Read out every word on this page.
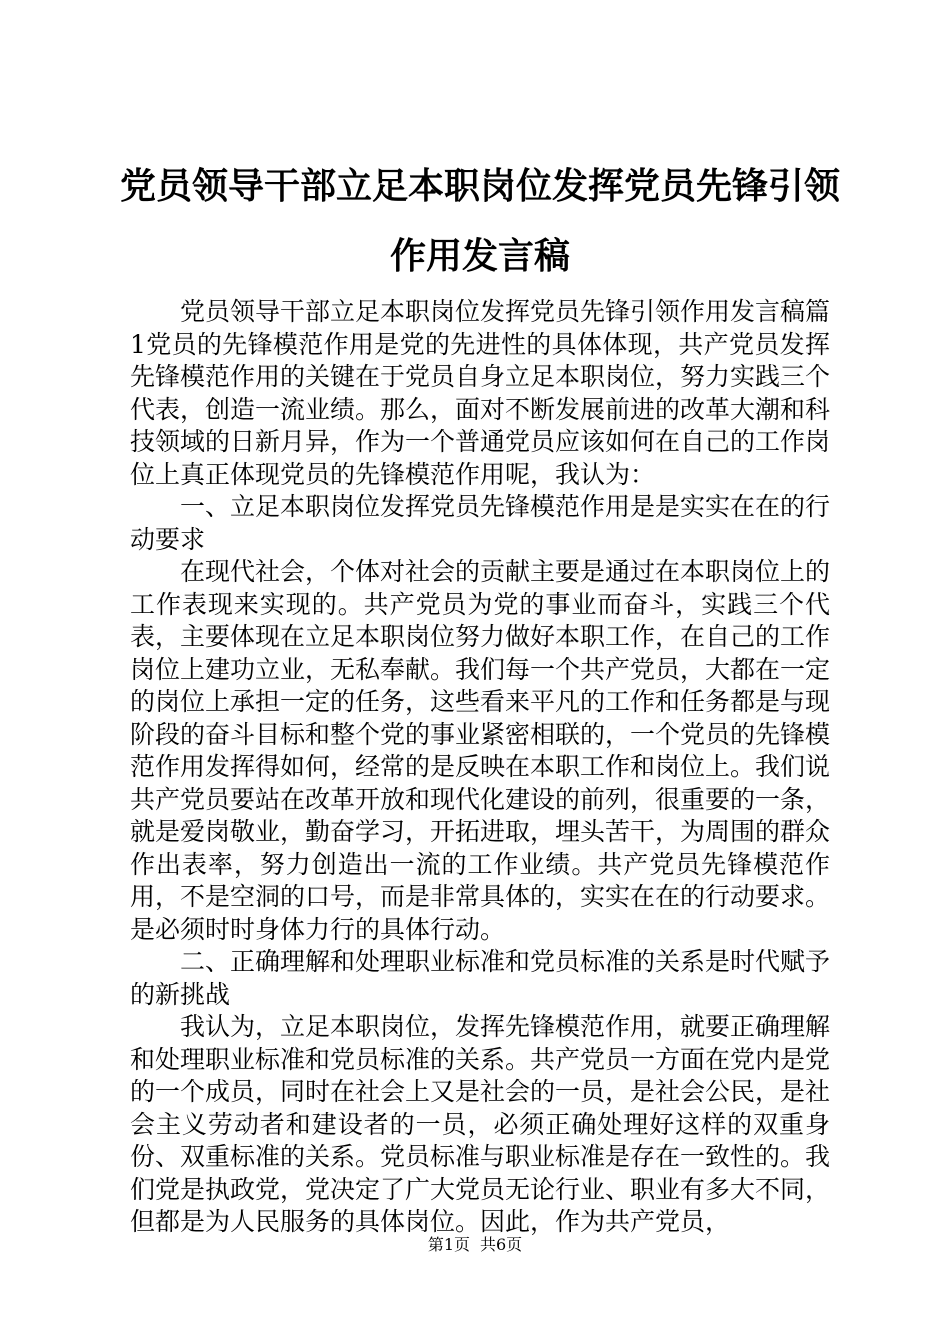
党员领导干部立足本职岗位发挥党员先锋引领作用发言稿

党员领导干部立足本职岗位发挥党员先锋引领作用发言稿篇1党员的先锋模范作用是党的先进性的具体体现，共产党员发挥先锋模范作用的关键在于党员自身立足本职岗位，努力实践三个代表，创造一流业绩。那么，面对不断发展前进的改革大潮和科技领域的日新月异，作为一个普通党员应该如何在自己的工作岗位上真正体现党员的先锋模范作用呢，我认为：

一、立足本职岗位发挥党员先锋模范作用是是实实在在的行动要求

在现代社会，个体对社会的贡献主要是通过在本职岗位上的工作表现来实现的。共产党员为党的事业而奋斗，实践三个代表，主要体现在立足本职岗位努力做好本职工作，在自己的工作岗位上建功立业，无私奉献。我们每一个共产党员，大都在一定的岗位上承担一定的任务，这些看来平凡的工作和任务都是与现阶段的奋斗目标和整个党的事业紧密相联的，一个党员的先锋模范作用发挥得如何，经常的是反映在本职工作和岗位上。我们说共产党员要站在改革开放和现代化建设的前列，很重要的一条，就是爱岗敬业，勤奋学习，开拓进取，埋头苦干，为周围的群众作出表率，努力创造出一流的工作业绩。共产党员先锋模范作用，不是空洞的口号，而是非常具体的，实实在在的行动要求。是必须时时身体力行的具体行动。

二、正确理解和处理职业标准和党员标准的关系是时代赋予的新挑战

我认为，立足本职岗位，发挥先锋模范作用，就要正确理解和处理职业标准和党员标准的关系。共产党员一方面在党内是党的一个成员，同时在社会上又是社会的一员，是社会公民，是社会主义劳动者和建设者的一员，必须正确处理好这样的双重身份、双重标准的关系。党员标准与职业标准是存在一致性的。我们党是执政党，党决定了广大党员无论行业、职业有多大不同，但都是为人民服务的具体岗位。因此，作为共产党员，

第1页 共6页
